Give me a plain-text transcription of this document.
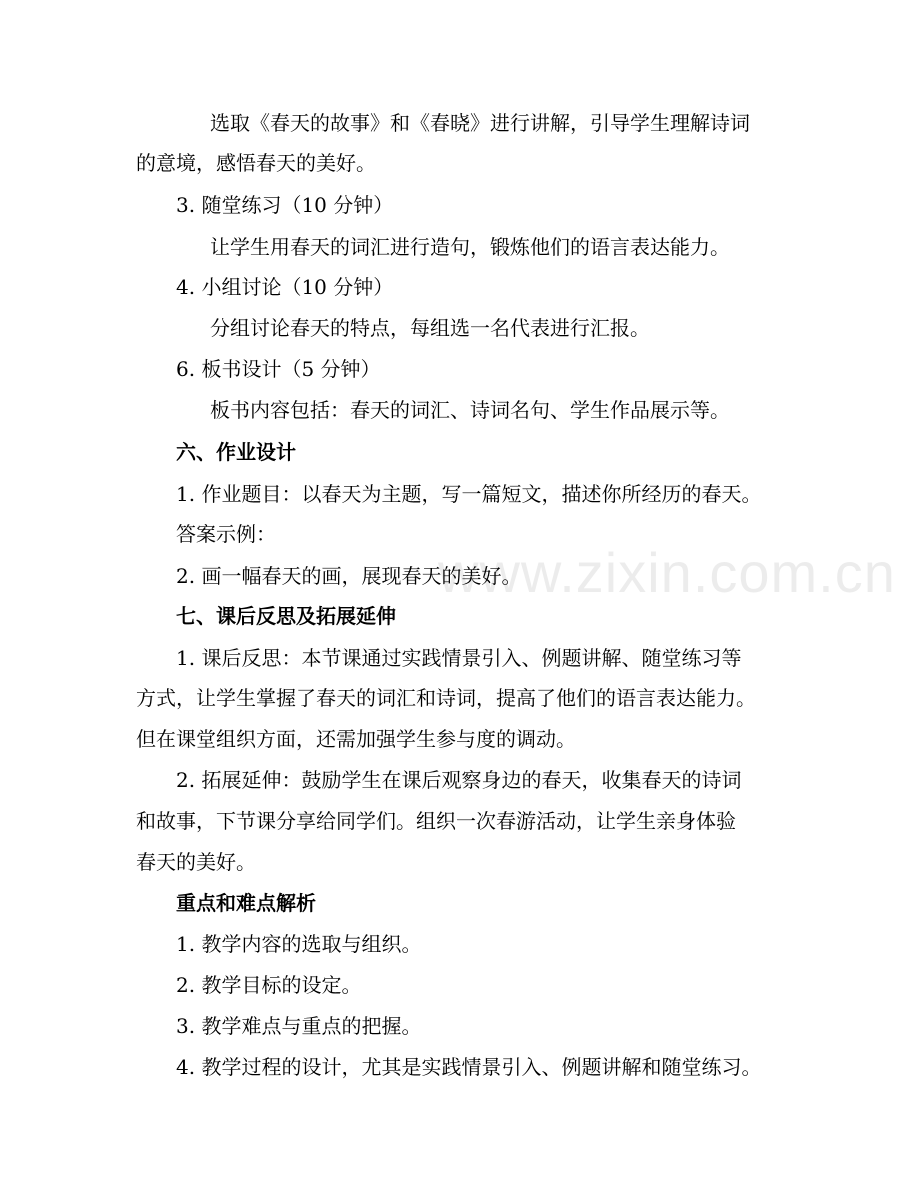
www.zixin.com.cn
选取《春天的故事》和《春晓》进行讲解，引导学生理解诗词
的意境，感悟春天的美好。
3. 随堂练习（10 分钟）
让学生用春天的词汇进行造句，锻炼他们的语言表达能力。
4. 小组讨论（10 分钟）
分组讨论春天的特点，每组选一名代表进行汇报。
6. 板书设计（5 分钟）
板书内容包括：春天的词汇、诗词名句、学生作品展示等。
六、作业设计
1. 作业题目：以春天为主题，写一篇短文，描述你所经历的春天。
答案示例：
2. 画一幅春天的画，展现春天的美好。
七、课后反思及拓展延伸
1. 课后反思：本节课通过实践情景引入、例题讲解、随堂练习等
方式，让学生掌握了春天的词汇和诗词，提高了他们的语言表达能力。
但在课堂组织方面，还需加强学生参与度的调动。
2. 拓展延伸：鼓励学生在课后观察身边的春天，收集春天的诗词
和故事，下节课分享给同学们。组织一次春游活动，让学生亲身体验
春天的美好。
重点和难点解析
1. 教学内容的选取与组织。
2. 教学目标的设定。
3. 教学难点与重点的把握。
4. 教学过程的设计，尤其是实践情景引入、例题讲解和随堂练习。
